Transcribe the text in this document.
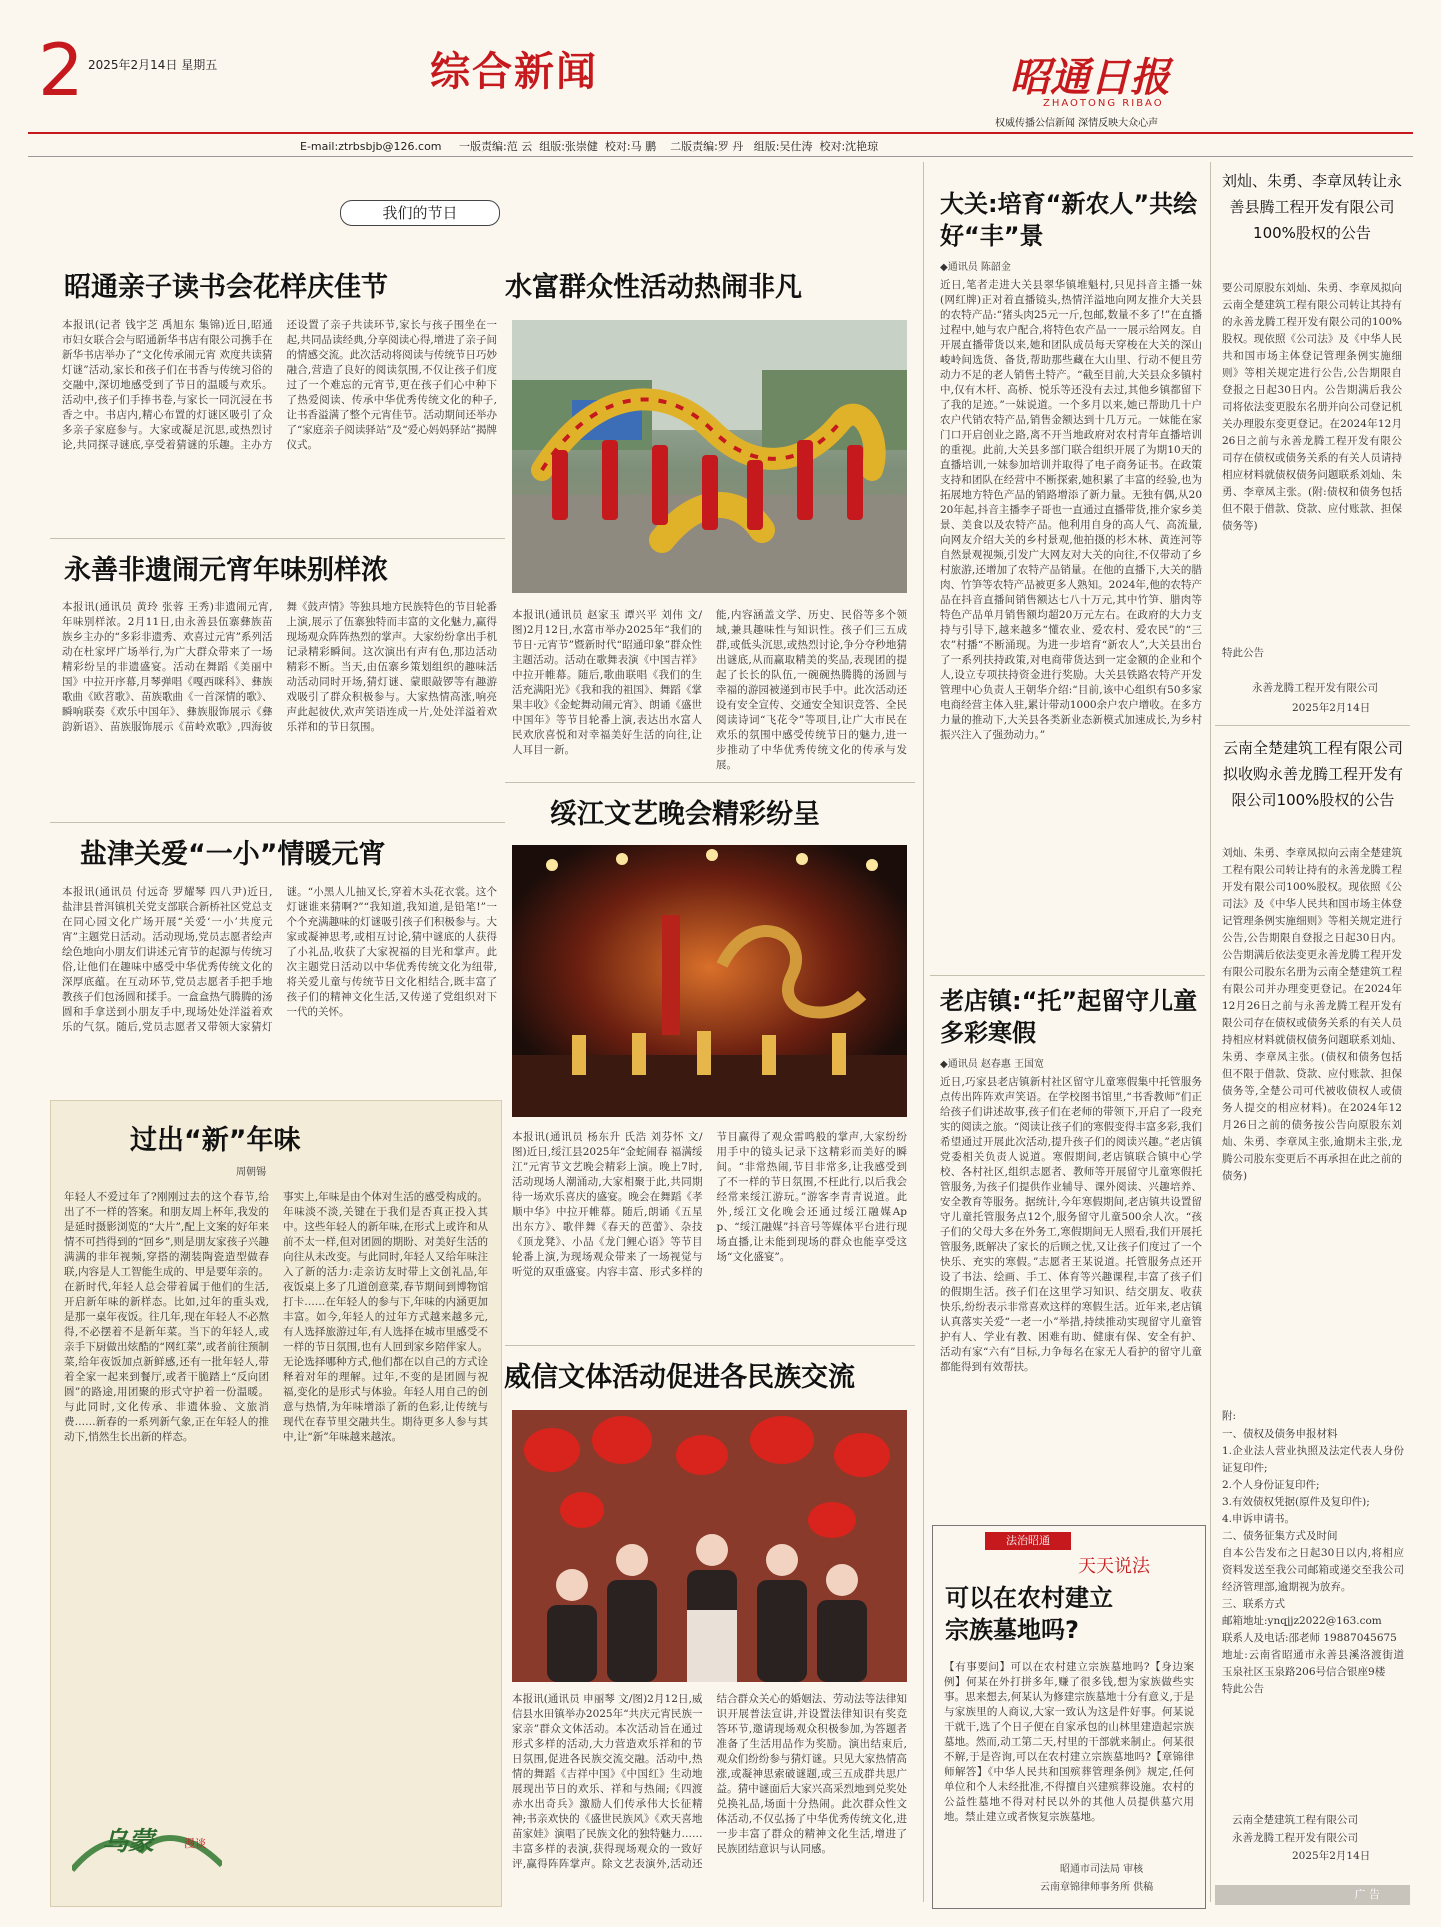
2 2025年2月14日 星期五	综合新闻	昭通日报
ZHAOTONG RIBAO
权威传播公信新闻 深情反映大众心声
E-mail:ztrbsbjb@126.com     一版责编:范 云  组版:张崇健  校对:马 鹏    二版责编:罗 丹   组版:吴仕涛  校对:沈艳琼
我们的节日
昭通亲子读书会花样庆佳节
本报讯(记者 钱宇芝 禹旭东 集锦)近日,昭通市妇女联合会与昭通新华书店有限公司携手在新华书店举办了“文化传承闹元宵 欢度共读猜灯谜”活动,家长和孩子们在书香与传统习俗的交融中,深切地感受到了节日的温暖与欢乐。活动中,孩子们手捧书卷,与家长一同沉浸在书香之中。书店内,精心布置的灯谜区吸引了众多亲子家庭参与。大家或凝足沉思,或热烈讨论,共同探寻谜底,享受着猜谜的乐趣。主办方还设置了亲子共读环节,家长与孩子围坐在一起,共同品读经典,分享阅读心得,增进了亲子间的情感交流。此次活动将阅读与传统节日巧妙融合,营造了良好的阅读氛围,不仅让孩子们度过了一个难忘的元宵节,更在孩子们心中种下了热爱阅读、传承中华优秀传统文化的种子,让书香溢满了整个元宵佳节。活动期间还举办了“家庭亲子阅读驿站”及“爱心妈妈驿站”揭牌仪式。
永善非遗闹元宵年味别样浓
本报讯(通讯员 黄玲 张蓉 王秀)非遗闹元宵,年味别样浓。2月11日,由永善县伍寨彝族苗族乡主办的“多彩非遗秀、欢喜过元宵”系列活动在杜家坪广场举行,为广大群众带来了一场精彩纷呈的非遗盛宴。活动在舞蹈《美丽中国》中拉开序幕,月琴弹唱《嘎西咪科》、彝族歌曲《欧苕歌》、苗族歌曲《一首深情的歌》、瞬响联奏《欢乐中国年》、彝族服饰展示《彝韵新语》、苗族服饰展示《苗岭欢歌》,四海彼舞《鼓声情》等独具地方民族特色的节目轮番上演,展示了伍寨独特而丰富的文化魅力,赢得现场观众阵阵热烈的掌声。大家纷纷拿出手机记录精彩瞬间。这次演出有声有色,那边活动精彩不断。当天,由伍寨乡策划组织的趣味活动活动同时开场,猜灯谜、蒙眼敲锣等有趣游戏吸引了群众积极参与。大家热情高涨,响亮声此起彼伏,欢声笑语连成一片,处处洋溢着欢乐祥和的节日氛围。
水富群众性活动热闹非凡
本报讯(通讯员 赵家玉 谭兴平 刘伟 文/图)2月12日,水富市举办2025年“我们的节日·元宵节”暨新时代“昭通印象”群众性主题活动。活动在歌舞表演《中国吉祥》中拉开帷幕。随后,歌曲联唱《我们的生活充满阳光》《我和我的祖国》、舞蹈《掌果丰收》《金蛇舞动闹元宵》、朗诵《盛世中国年》等节目轮番上演,表达出水富人民欢欣喜悦和对幸福美好生活的向往,让人耳目一新。
能,内容涵盖文学、历史、民俗等多个领域,兼具趣味性与知识性。孩子们三五成群,或低头沉思,或热烈讨论,争分夺秒地猜出谜底,从而赢取精美的奖品,表现团的提起了长长的队伍,一碗碗热腾腾的汤圆与幸福的游园被递到市民手中。此次活动还设有安全宣传、交通安全知识竞答、全民阅读诗词“飞花令”等项目,让广大市民在欢乐的氛围中感受传统节日的魅力,进一步推动了中华优秀传统文化的传承与发展。
盐津关爱“一小”情暖元宵
本报讯(通讯员 付远奇 罗耀琴 四八尹)近日,盐津县普洱镇机关党支部联合新桥社区党总支在同心园文化广场开展“关爱‘一小’共度元宵”主题党日活动。活动现场,党员志愿者绘声绘色地向小朋友们讲述元宵节的起源与传统习俗,让他们在趣味中感受中华优秀传统文化的深厚底蕴。在互动环节,党员志愿者手把手地教孩子们包汤圆和揉手。一盒盒热气腾腾的汤圆和手拿送到小朋友手中,现场处处洋溢着欢乐的气氛。随后,党员志愿者又带领大家猜灯谜。“小黑人儿抽叉长,穿着木头花衣裳。这个灯谜谁来猜啊?”“我知道,我知道,是铅笔!”一个个充满趣味的灯谜吸引孩子们积极参与。大家或凝神思考,或相互讨论,猜中谜底的人获得了小礼品,收获了大家祝福的目光和掌声。此次主题党日活动以中华优秀传统文化为纽带,将关爱儿童与传统节日文化相结合,既丰富了孩子们的精神文化生活,又传递了党组织对下一代的关怀。
绥江文艺晚会精彩纷呈
本报讯(通讯员 杨东升 氏浩 刘芬怀 文/图)近日,绥江县2025年“金蛇闹春 福满绥江”元宵节文艺晚会精彩上演。晚上7时,活动现场人潮涌动,大家相聚于此,共同期待一场欢乐喜庆的盛宴。晚会在舞蹈《孝顺中华》中拉开帷幕。随后,朗诵《五星出东方》、歌伴舞《春天的芭蕾》、杂技《顶龙凳》、小品《龙门鲤心语》等节目轮番上演,为现场观众带来了一场视觉与听觉的双重盛宴。内容丰富、形式多样的节目赢得了观众雷鸣般的掌声,大家纷纷用手中的镜头记录下这精彩而美好的瞬间。“非常热闹,节目非常多,让我感受到了不一样的节日氛围,不枉此行,以后我会经常来绥江游玩。”游客李青青说道。此外,绥江文化晚会还通过绥江融媒App、“绥江融媒”抖音号等媒体平台进行现场直播,让未能到现场的群众也能享受这场“文化盛宴”。
威信文体活动促进各民族交流
本报讯(通讯员 申丽琴 文/图)2月12日,威信县水田镇举办2025年“共庆元宵民族一家亲”群众文体活动。本次活动旨在通过形式多样的活动,大力营造欢乐祥和的节日氛围,促进各民族交流交融。活动中,热情的舞蹈《吉祥中国》《中国红》生动地展现出节日的欢乐、祥和与热闹;《四渡赤水出奇兵》激励人们传承伟大长征精神;书亲欢快的《盛世民族风》《欢天喜地苗家娃》演唱了民族文化的独特魅力……丰富多样的表演,获得现场观众的一致好评,赢得阵阵掌声。除文艺表演外,活动还结合群众关心的婚姻法、劳动法等法律知识开展普法宣讲,并设置法律知识有奖竞答环节,邀请现场观众积极参加,为答题者准备了生活用品作为奖励。演出结束后,观众们纷纷参与猜灯谜。只见大家热情高涨,或凝神思索破谜题,或三五成群共思广益。猜中谜面后大家兴高采烈地到兑奖处兑换礼品,场面十分热闹。此次群众性文体活动,不仅弘扬了中华优秀传统文化,进一步丰富了群众的精神文化生活,增进了民族团结意识与认同感。
过出“新”年味
周朝锡
年轻人不爱过年了?刚刚过去的这个春节,给出了不一样的答案。和朋友周上杯年,我发的是延时摄影浏览的“大片”,配上文案的好年来情不可挡得到的“回乡”,则是朋友家孩子兴趣满满的非年视频,穿搭的潮装陶瓷造型做春联,内容是人工智能生成的、甲是要年亲的。在新时代,年轻人总会带着属于他们的生活,开启新年味的新样态。比如,过年的重头戏,是那一桌年夜饭。往几年,现在年轻人不必熬得,不必摆着不是新年菜。当下的年轻人,或亲手下厨做出炫酷的“网红菜”,或者前往预制菜,给年夜饭加点新鲜感,还有一批年轻人,带着全家一起来到餐厅,或者干脆踏上“反向团圆”的路途,用团聚的形式守护着一份温暖。与此同时,文化传承、非遗体验、文旅消费……新春的一系列新气象,正在年轻人的推动下,悄然生长出新的样态。
事实上,年味是由个体对生活的感受构成的。年味淡不淡,关键在于我们是否真正投入其中。这些年轻人的新年味,在形式上或许和从前不太一样,但对团圆的期盼、对美好生活的向往从未改变。与此同时,年轻人又给年味注入了新的活力:走亲访友时带上文创礼品,年夜饭桌上多了几道创意菜,春节期间到博物馆打卡……在年轻人的参与下,年味的内涵更加丰富。如今,年轻人的过年方式越来越多元,有人选择旅游过年,有人选择在城市里感受不一样的节日氛围,也有人回到家乡陪伴家人。无论选择哪种方式,他们都在以自己的方式诠释着对年的理解。过年,不变的是团圆与祝福,变化的是形式与体验。年轻人用自己的创意与热情,为年味增添了新的色彩,让传统与现代在春节里交融共生。期待更多人参与其中,让“新”年味越来越浓。
乌蒙	漫谈
大关:培育“新农人”共绘好“丰”景
◆通讯员 陈韶金
近日,笔者走进大关县翠华镇堆魁村,只见抖音主播一妹(网红牌)正对着直播镜头,热情洋溢地向网友推介大关县的农特产品:“猪头肉25元一斤,包邮,数量不多了!”在直播过程中,她与农户配合,将特色农产品一一展示给网友。自开展直播带货以来,她和团队成员每天穿梭在大关的深山峻岭间选货、备货,帮助那些藏在大山里、行动不便且劳动力不足的老人销售土特产。“截至目前,大关县众多镇村中,仅有木杆、高桥、悦乐等还没有去过,其他乡镇都留下了我的足迹。”一妹说道。一个多月以来,她已帮助几十户农户代销农特产品,销售金额达到十几万元。一妹能在家门口开启创业之路,离不开当地政府对农村青年直播培训的重视。此前,大关县多部门联合组织开展了为期10天的直播培训,一妹参加培训并取得了电子商务证书。在政策支持和团队在经营中不断探索,她积累了丰富的经验,也为拓展地方特色产品的销路增添了新力量。无独有偶,从2020年起,抖音主播李子哥也一直通过直播带货,推介家乡美景、美食以及农特产品。他利用自身的高人气、高流量,向网友介绍大关的乡村景观,他拍摄的杉木林、黄连河等自然景观视频,引发广大网友对大关的向往,不仅带动了乡村旅游,还增加了农特产品销量。在他的直播下,大关的腊肉、竹笋等农特产品被更多人熟知。2024年,他的农特产品在抖音直播间销售额达七八十万元,其中竹笋、腊肉等特色产品单月销售额均超20万元左右。在政府的大力支持与引导下,越来越多“懂农业、爱农村、爱农民”的“三农”村播“不断涌现。为进一步培育“新农人”,大关县出台了一系列扶持政策,对电商带货达到一定金额的企业和个人,设立专项扶持资金进行奖励。大关县铁路农特产开发管理中心负责人王朝华介绍:“目前,该中心组织有50多家电商经营主体入驻,累计带动1000余户农户增收。在多方力量的推动下,大关县各类新业态新模式加速成长,为乡村振兴注入了强劲动力。”
老店镇:“托”起留守儿童多彩寒假
◆通讯员 赵春惠 王国宽
近日,巧家县老店镇新村社区留守儿童寒假集中托管服务点传出阵阵欢声笑语。在学校图书馆里,“书香教师”们正给孩子们讲述故事,孩子们在老师的带领下,开启了一段充实的阅读之旅。“阅读让孩子们的寒假变得丰富多彩,我们希望通过开展此次活动,提升孩子们的阅读兴趣。”老店镇党委相关负责人说道。寒假期间,老店镇联合镇中心学校、各村社区,组织志愿者、教师等开展留守儿童寒假托管服务,为孩子们提供作业辅导、课外阅读、兴趣培养、安全教育等服务。据统计,今年寒假期间,老店镇共设置留守儿童托管服务点12个,服务留守儿童500余人次。“孩子们的父母大多在外务工,寒假期间无人照看,我们开展托管服务,既解决了家长的后顾之忧,又让孩子们度过了一个快乐、充实的寒假。”志愿者王某说道。托管服务点还开设了书法、绘画、手工、体育等兴趣课程,丰富了孩子们的假期生活。孩子们在这里学习知识、结交朋友、收获快乐,纷纷表示非常喜欢这样的寒假生活。近年来,老店镇认真落实关爱“一老一小”举措,持续推动实现留守儿童管护有人、学业有教、困难有助、健康有保、安全有护、活动有家“六有”目标,力争每名在家无人看护的留守儿童都能得到有效帮扶。
法治昭通
天天说法
可以在农村建立宗族墓地吗?
【有事要问】可以在农村建立宗族墓地吗?【身边案例】何某在外打拼多年,赚了很多钱,想为家族做些实事。思来想去,何某认为修建宗族墓地十分有意义,于是与家族里的人商议,大家一致认为这是件好事。何某说干就干,选了个日子便在自家承包的山林里建造起宗族墓地。然而,动工第二天,村里的干部就来制止。何某很不解,于是咨询,可以在农村建立宗族墓地吗?【章锦律师解答】《中华人民共和国殡葬管理条例》规定,任何单位和个人未经批准,不得擅自兴建殡葬设施。农村的公益性墓地不得对村民以外的其他人员提供墓穴用地。禁止建立或者恢复宗族墓地。
昭通市司法局 审核
云南章锦律师事务所 供稿
刘灿、朱勇、李章凤转让永善县腾工程开发有限公司100%股权的公告
要公司原股东刘灿、朱勇、李章凤拟向云南全楚建筑工程有限公司转让其持有的永善龙腾工程开发有限公司的100%股权。现依照《公司法》及《中华人民共和国市场主体登记管理条例实施细则》等相关规定进行公告,公告期限自登报之日起30日内。公告期满后我公司将依法变更股东名册并向公司登记机关办理股东变更登记。在2024年12月26日之前与永善龙腾工程开发有限公司存在债权或债务关系的有关人员请持相应材料就债权债务问题联系刘灿、朱勇、李章凤主张。(附:债权和债务包括但不限于借款、贷款、应付账款、担保债务等)
特此公告
永善龙腾工程开发有限公司
2025年2月14日
云南全楚建筑工程有限公司拟收购永善龙腾工程开发有限公司100%股权的公告
刘灿、朱勇、李章凤拟向云南全楚建筑工程有限公司转让持有的永善龙腾工程开发有限公司100%股权。现依照《公司法》及《中华人民共和国市场主体登记管理条例实施细则》等相关规定进行公告,公告期限自登报之日起30日内。公告期满后依法变更永善龙腾工程开发有限公司股东名册为云南全楚建筑工程有限公司并办理变更登记。在2024年12月26日之前与永善龙腾工程开发有限公司存在债权或债务关系的有关人员持相应材料就债权债务问题联系刘灿、朱勇、李章凤主张。(债权和债务包括但不限于借款、贷款、应付账款、担保债务等,全楚公司可代被收债权人或债务人提交的相应材料)。在2024年12月26日之前的债务按公告向原股东刘灿、朱勇、李章凤主张,逾期未主张,龙腾公司股东变更后不再承担在此之前的债务)
附:
一、债权及债务申报材料
1.企业法人营业执照及法定代表人身份证复印件;
2.个人身份证复印件;
3.有效债权凭据(原件及复印件);
4.申诉申请书。
二、债务征集方式及时间
自本公告发布之日起30日以内,将相应资料发送至我公司邮箱或递交至我公司经济管理部,逾期视为放弃。
三、联系方式
邮箱地址:ynqjjz2022@163.com
联系人及电话:邵老师 19887045675
地址:云南省昭通市永善县溪洛渡街道玉泉社区玉泉路206号信合银座9楼
特此公告
云南全楚建筑工程有限公司
永善龙腾工程开发有限公司
2025年2月14日
广 告
